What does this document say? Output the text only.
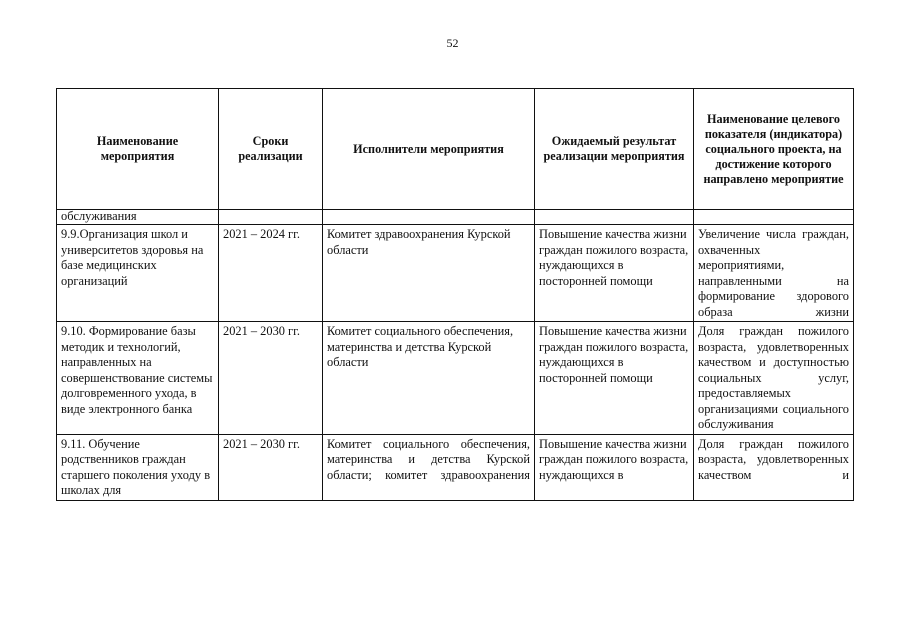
52
Наименование мероприятия	Сроки реализации	Исполнители мероприятия	Ожидаемый результат реализации мероприятия	Наименование целевого показателя (индикатора) социального проекта, на достижение которого направлено мероприятие
обслуживания				
9.9.Организация школ и университетов здоровья на базе медицинских организаций	2021 – 2024 гг.	Комитет здравоохранения Курской области	Повышение качества жизни граждан пожилого возраста, нуждающихся в посторонней помощи	Увеличение числа граждан, охваченных мероприятиями, направленными на формирование здорового образа жизни
9.10. Формирование базы методик и технологий, направленных на совершенствование системы долговременного ухода, в виде электронного банка	2021 – 2030 гг.	Комитет социального обеспечения, материнства и детства Курской области	Повышение качества жизни граждан пожилого возраста, нуждающихся в посторонней помощи	Доля граждан пожилого возраста, удовлетворенных качеством и доступностью социальных услуг, предоставляемых организациями социального обслуживания
9.11. Обучение родственников граждан старшего поколения уходу в школах для	2021 – 2030 гг.	Комитет социального обеспечения, материнства и детства Курской области; комитет здравоохранения	Повышение качества жизни граждан пожилого возраста, нуждающихся в	Доля граждан пожилого возраста, удовлетворенных качеством и
